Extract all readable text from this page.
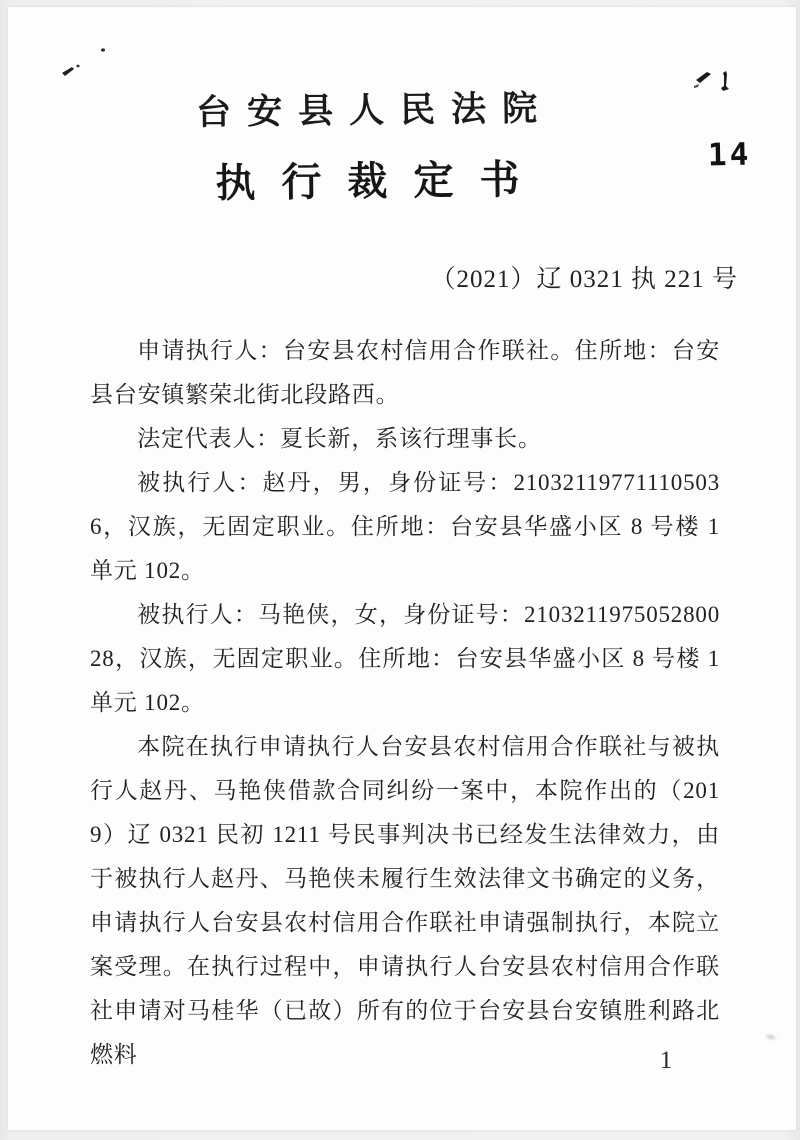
14
台安县人民法院
执行裁定书
（2021）辽 0321 执 221 号

申请执行人：台安县农村信用合作联社。住所地：台安县台安镇繁荣北街北段路西。

法定代表人：夏长新，系该行理事长。

被执行人：赵丹，男，身份证号：210321197711105036，汉族，无固定职业。住所地：台安县华盛小区 8 号楼 1 单元 102。

被执行人：马艳侠，女，身份证号：210321197505280028，汉族，无固定职业。住所地：台安县华盛小区 8 号楼 1 单元 102。

本院在执行申请执行人台安县农村信用合作联社与被执行人赵丹、马艳侠借款合同纠纷一案中，本院作出的（2019）辽 0321 民初 1211 号民事判决书已经发生法律效力，由于被执行人赵丹、马艳侠未履行生效法律文书确定的义务，申请执行人台安县农村信用合作联社申请强制执行，本院立案受理。在执行过程中，申请执行人台安县农村信用合作联社申请对马桂华（已故）所有的位于台安县台安镇胜利路北燃料	1
